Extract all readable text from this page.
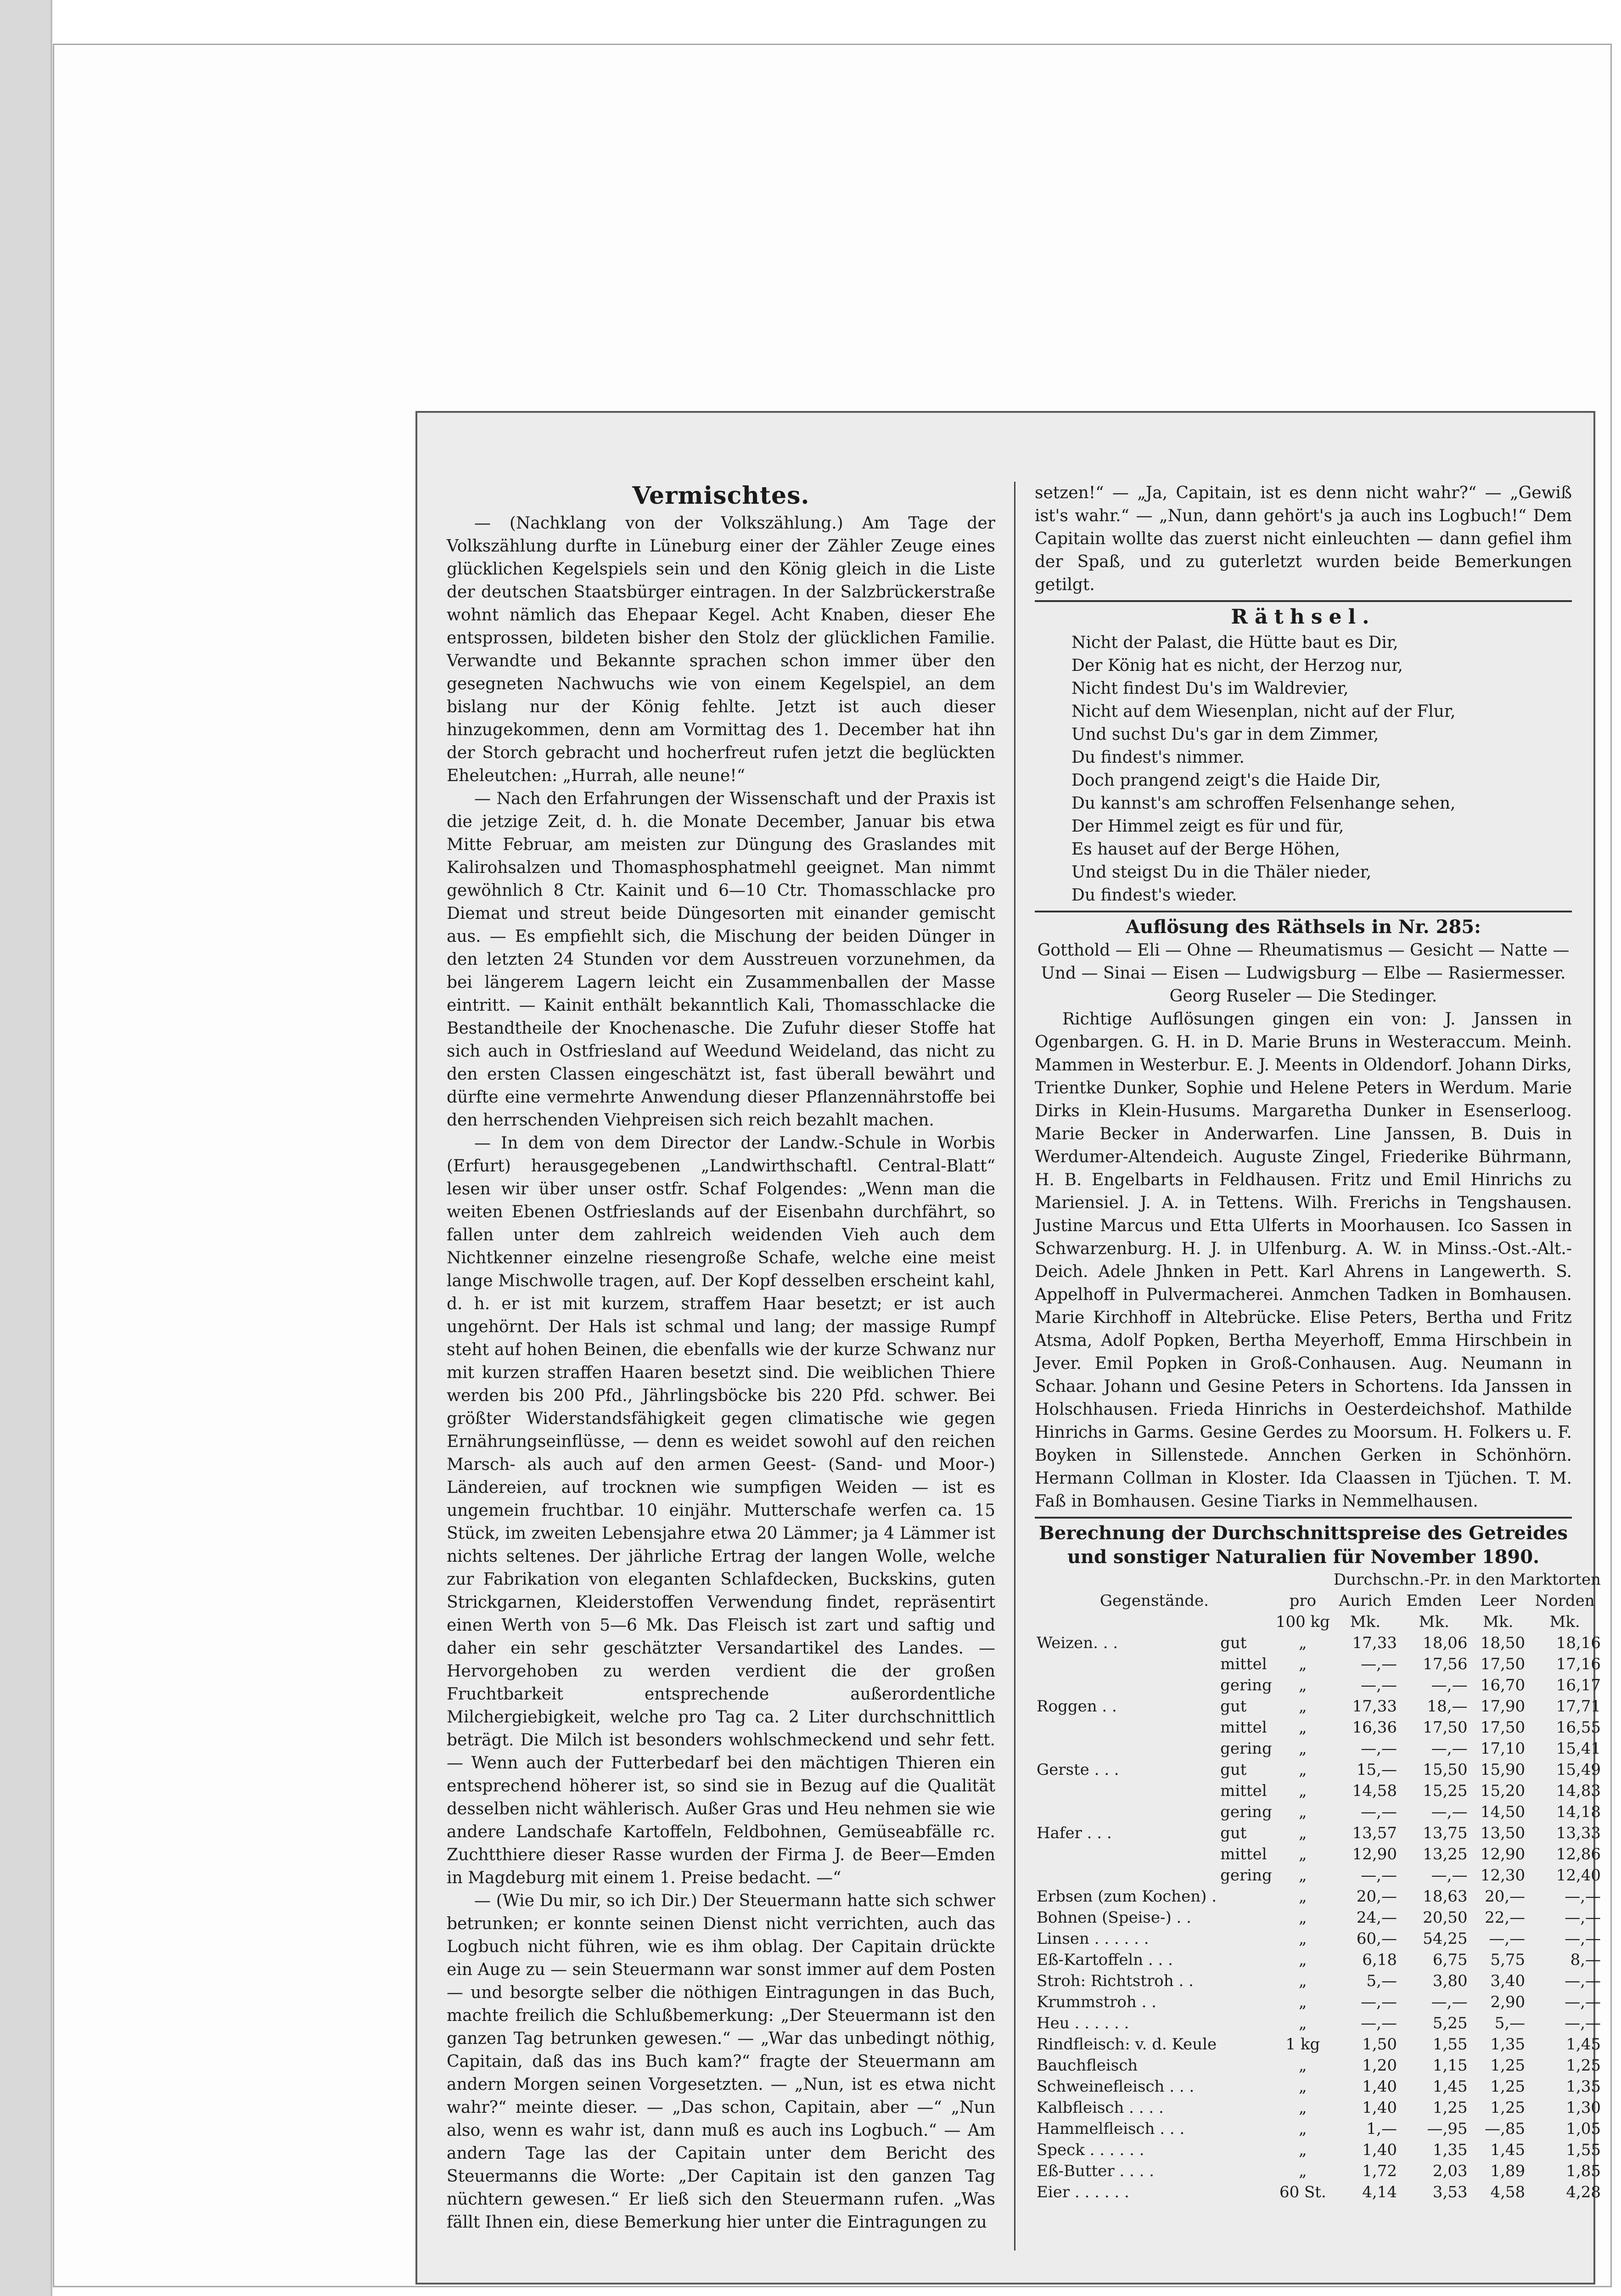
Vermischtes.

— (Nachklang von der Volkszählung.) Am Tage der Volkszählung durfte in Lüneburg einer der Zähler Zeuge eines glücklichen Kegelspiels sein und den König gleich in die Liste der deutschen Staatsbürger eintragen. In der Salzbrückerstraße wohnt nämlich das Ehepaar Kegel. Acht Knaben, dieser Ehe entsprossen, bildeten bisher den Stolz der glücklichen Familie. Verwandte und Bekannte sprachen schon immer über den gesegneten Nachwuchs wie von einem Kegelspiel, an dem bislang nur der König fehlte. Jetzt ist auch dieser hinzugekommen, denn am Vormittag des 1. December hat ihn der Storch gebracht und hocherfreut rufen jetzt die beglückten Eheleutchen: „Hurrah, alle neune!“

— Nach den Erfahrungen der Wissenschaft und der Praxis ist die jetzige Zeit, d. h. die Monate December, Januar bis etwa Mitte Februar, am meisten zur Düngung des Graslandes mit Kalirohsalzen und Thomasphosphatmehl geeignet. Man nimmt gewöhnlich 8 Ctr. Kainit und 6—10 Ctr. Thomasschlacke pro Diemat und streut beide Düngesorten mit einander gemischt aus. — Es empfiehlt sich, die Mischung der beiden Dünger in den letzten 24 Stunden vor dem Ausstreuen vorzunehmen, da bei längerem Lagern leicht ein Zusammenballen der Masse eintritt. — Kainit enthält bekanntlich Kali, Thomasschlacke die Bestandtheile der Knochenasche. Die Zufuhr dieser Stoffe hat sich auch in Ostfriesland auf Weedund Weideland, das nicht zu den ersten Classen eingeschätzt ist, fast überall bewährt und dürfte eine vermehrte Anwendung dieser Pflanzennährstoffe bei den herrschenden Viehpreisen sich reich bezahlt machen.

— In dem von dem Director der Landw.-Schule in Worbis (Erfurt) herausgegebenen „Landwirthschaftl. Central-Blatt“ lesen wir über unser ostfr. Schaf Folgendes: „Wenn man die weiten Ebenen Ostfrieslands auf der Eisenbahn durchfährt, so fallen unter dem zahlreich weidenden Vieh auch dem Nichtkenner einzelne riesengroße Schafe, welche eine meist lange Mischwolle tragen, auf. Der Kopf desselben erscheint kahl, d. h. er ist mit kurzem, straffem Haar besetzt; er ist auch ungehörnt. Der Hals ist schmal und lang; der massige Rumpf steht auf hohen Beinen, die ebenfalls wie der kurze Schwanz nur mit kurzen straffen Haaren besetzt sind. Die weiblichen Thiere werden bis 200 Pfd., Jährlingsböcke bis 220 Pfd. schwer. Bei größter Widerstandsfähigkeit gegen climatische wie gegen Ernährungseinflüsse, — denn es weidet sowohl auf den reichen Marsch- als auch auf den armen Geest- (Sand- und Moor-) Ländereien, auf trocknen wie sumpfigen Weiden — ist es ungemein fruchtbar. 10 einjähr. Mutterschafe werfen ca. 15 Stück, im zweiten Lebensjahre etwa 20 Lämmer; ja 4 Lämmer ist nichts seltenes. Der jährliche Ertrag der langen Wolle, welche zur Fabrikation von eleganten Schlafdecken, Buckskins, guten Strickgarnen, Kleiderstoffen Verwendung findet, repräsentirt einen Werth von 5—6 Mk. Das Fleisch ist zart und saftig und daher ein sehr geschätzter Versandartikel des Landes. — Hervorgehoben zu werden verdient die der großen Fruchtbarkeit entsprechende außerordentliche Milchergiebigkeit, welche pro Tag ca. 2 Liter durchschnittlich beträgt. Die Milch ist besonders wohlschmeckend und sehr fett. — Wenn auch der Futterbedarf bei den mächtigen Thieren ein entsprechend höherer ist, so sind sie in Bezug auf die Qualität desselben nicht wählerisch. Außer Gras und Heu nehmen sie wie andere Landschafe Kartoffeln, Feldbohnen, Gemüseabfälle rc. Zuchtthiere dieser Rasse wurden der Firma J. de Beer—Emden in Magdeburg mit einem 1. Preise bedacht. —“

— (Wie Du mir, so ich Dir.) Der Steuermann hatte sich schwer betrunken; er konnte seinen Dienst nicht verrichten, auch das Logbuch nicht führen, wie es ihm oblag. Der Capitain drückte ein Auge zu — sein Steuermann war sonst immer auf dem Posten — und besorgte selber die nöthigen Eintragungen in das Buch, machte freilich die Schlußbemerkung: „Der Steuermann ist den ganzen Tag betrunken gewesen.“ — „War das unbedingt nöthig, Capitain, daß das ins Buch kam?“ fragte der Steuermann am andern Morgen seinen Vorgesetzten. — „Nun, ist es etwa nicht wahr?“ meinte dieser. — „Das schon, Capitain, aber —“ „Nun also, wenn es wahr ist, dann muß es auch ins Logbuch.“ — Am andern Tage las der Capitain unter dem Bericht des Steuermanns die Worte: „Der Capitain ist den ganzen Tag nüchtern gewesen.“ Er ließ sich den Steuermann rufen. „Was fällt Ihnen ein, diese Bemerkung hier unter die Eintragungen zu

setzen!“ — „Ja, Capitain, ist es denn nicht wahr?“ — „Gewiß ist's wahr.“ — „Nun, dann gehört's ja auch ins Logbuch!“ Dem Capitain wollte das zuerst nicht einleuchten — dann gefiel ihm der Spaß, und zu guterletzt wurden beide Bemerkungen getilgt.

Räthsel.

Nicht der Palast, die Hütte baut es Dir,

Der König hat es nicht, der Herzog nur,

Nicht findest Du's im Waldrevier,

Nicht auf dem Wiesenplan, nicht auf der Flur,

Und suchst Du's gar in dem Zimmer,

Du findest's nimmer.

Doch prangend zeigt's die Haide Dir,

Du kannst's am schroffen Felsenhange sehen,

Der Himmel zeigt es für und für,

Es hauset auf der Berge Höhen,

Und steigst Du in die Thäler nieder,

Du findest's wieder.

Auflösung des Räthsels in Nr. 285:

Gotthold — Eli — Ohne — Rheumatismus — Gesicht — Natte — Und — Sinai — Eisen — Ludwigsburg — Elbe — Rasiermesser.

Georg Ruseler — Die Stedinger.

Richtige Auflösungen gingen ein von: J. Janssen in Ogenbargen. G. H. in D. Marie Bruns in Westeraccum. Meinh. Mammen in Westerbur. E. J. Meents in Oldendorf. Johann Dirks, Trientke Dunker, Sophie und Helene Peters in Werdum. Marie Dirks in Klein-Husums. Margaretha Dunker in Esenserloog. Marie Becker in Anderwarfen. Line Janssen, B. Duis in Werdumer-Altendeich. Auguste Zingel, Friederike Bührmann, H. B. Engelbarts in Feldhausen. Fritz und Emil Hinrichs zu Mariensiel. J. A. in Tettens. Wilh. Frerichs in Tengshausen. Justine Marcus und Etta Ulferts in Moorhausen. Ico Sassen in Schwarzenburg. H. J. in Ulfenburg. A. W. in Minss.-Ost.-Alt.-Deich. Adele Jhnken in Pett. Karl Ahrens in Langewerth. S. Appelhoff in Pulvermacherei. Anmchen Tadken in Bomhausen. Marie Kirchhoff in Altebrücke. Elise Peters, Bertha und Fritz Atsma, Adolf Popken, Bertha Meyerhoff, Emma Hirschbein in Jever. Emil Popken in Groß-Conhausen. Aug. Neumann in Schaar. Johann und Gesine Peters in Schortens. Ida Janssen in Holschhausen. Frieda Hinrichs in Oesterdeichshof. Mathilde Hinrichs in Garms. Gesine Gerdes zu Moorsum. H. Folkers u. F. Boyken in Sillenstede. Annchen Gerken in Schönhörn. Hermann Collman in Kloster. Ida Claassen in Tjüchen. T. M. Faß in Bomhausen. Gesine Tiarks in Nemmelhausen.

Berechnung der Durchschnittspreise des Getreides
und sonstiger Naturalien für November 1890.
			Durchschn.-Pr. in den Marktorten			
Gegenstände.		pro	Aurich	Emden	Leer	Norden
		100 kg	Mk.	Mk.	Mk.	Mk.
Weizen. . .	gut	„	17,33	18,06	18,50	18,16
	mittel	„	—,—	17,56	17,50	17,16
	gering	„	—,—	—,—	16,70	16,17
Roggen . .	gut	„	17,33	18,—	17,90	17,71
	mittel	„	16,36	17,50	17,50	16,55
	gering	„	—,—	—,—	17,10	15,41
Gerste . . .	gut	„	15,—	15,50	15,90	15,49
	mittel	„	14,58	15,25	15,20	14,83
	gering	„	—,—	—,—	14,50	14,18
Hafer . . .	gut	„	13,57	13,75	13,50	13,33
	mittel	„	12,90	13,25	12,90	12,86
	gering	„	—,—	—,—	12,30	12,40
Erbsen (zum Kochen) .		„	20,—	18,63	20,—	—,—
Bohnen (Speise-) . .		„	24,—	20,50	22,—	—,—
Linsen . . . . . .		„	60,—	54,25	—,—	—,—
Eß-Kartoffeln . . .		„	6,18	6,75	5,75	8,—
Stroh: Richtstroh . .		„	5,—	3,80	3,40	—,—
Krummstroh . .		„	—,—	—,—	2,90	—,—
Heu . . . . . .		„	—,—	5,25	5,—	—,—
Rindfleisch: v. d. Keule		1 kg	1,50	1,55	1,35	1,45
Bauchfleisch		„	1,20	1,15	1,25	1,25
Schweinefleisch . . .		„	1,40	1,45	1,25	1,35
Kalbfleisch . . . .		„	1,40	1,25	1,25	1,30
Hammelfleisch . . .		„	1,—	—,95	—,85	1,05
Speck . . . . . .		„	1,40	1,35	1,45	1,55
Eß-Butter . . . .		„	1,72	2,03	1,89	1,85
Eier . . . . . .		60 St.	4,14	3,53	4,58	4,28
